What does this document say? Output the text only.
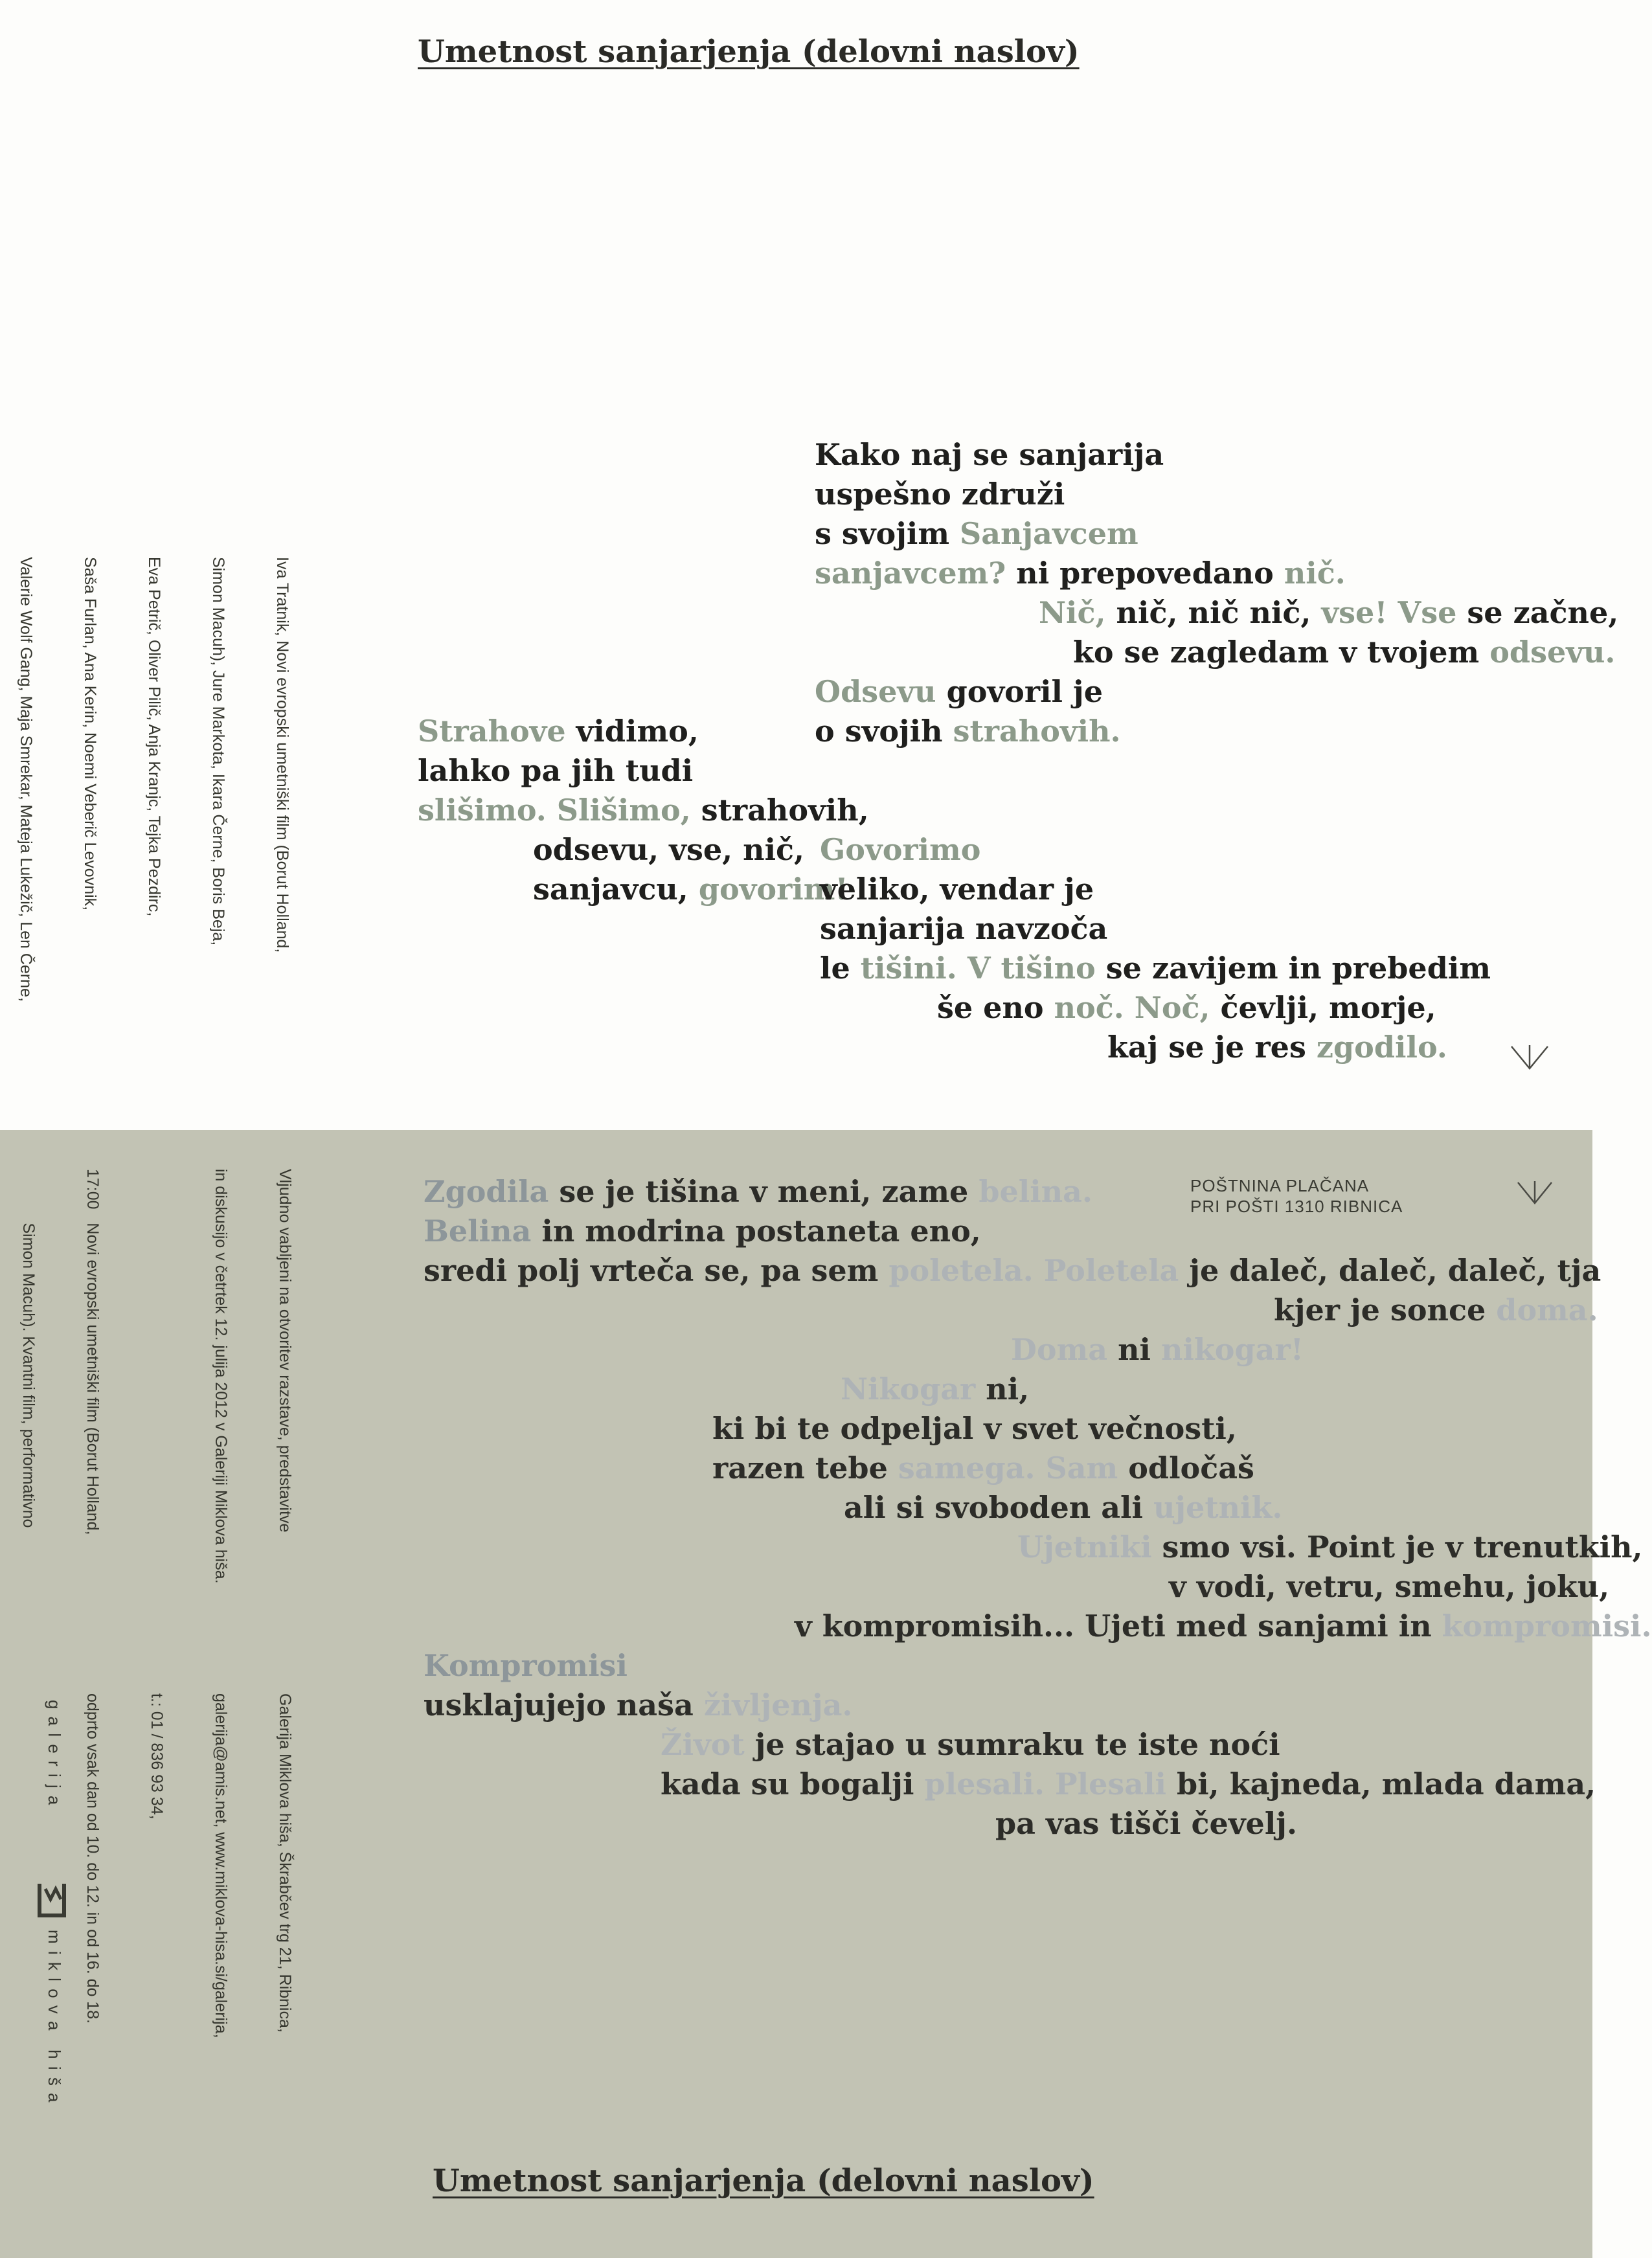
Umetnost sanjarjenja (delovni naslov)
Kako naj se sanjarija
uspešno združi
s svojim Sanjavcem
sanjavcem? ni prepovedano nič.
Nič, nič, nič nič, vse! Vse se začne,
ko se zagledam v tvojem odsevu.
Odsevu govoril je
o svojih strahovih.
Strahove vidimo,
lahko pa jih tudi
slišimo. Slišimo, strahovih,
odsevu, vse, nič,
sanjavcu, govorim!
Govorimo
veliko, vendar je
sanjarija navzoča
le tišini. V tišino se zavijem in prebedim
še eno noč. Noč, čevlji, morje,
kaj se je res zgodilo.

Iva Tratnik, Novi evropski umetniški film (Borut Holland,

Simon Macuh), Jure Markota, Ikara Černe, Boris Beja,

Eva Petrič, Oliver Pilič, Anja Kranjc, Tejka Pezdirc,

Saša Furlan, Ana Kerin, Noemi Veberič Levovnik,

Valerie Wolf Gang, Maja Smrekar, Mateja Lukežič, Len Černe,

POŠTNINA PLAČANA
PRI POŠTI 1310 RIBNICA
Zgodila se je tišina v meni, zame belina.
Belina in modrina postaneta eno,
sredi polj vrteča se, pa sem poletela. Poletela je daleč, daleč, daleč, tja
kjer je sonce doma.
Doma ni nikogar!
Nikogar ni,
ki bi te odpeljal v svet večnosti,
razen tebe samega. Sam odločaš
ali si svoboden ali ujetnik.
Ujetniki smo vsi. Point je v trenutkih,
v vodi, vetru, smehu, joku,
v kompromisih... Ujeti med sanjami in kompromisi.
Kompromisi
usklajujejo naša življenja.
Život je stajao u sumraku te iste noći
kada su bogalji plesali. Plesali bi, kajnedа, mlada dama,
pa vas tišči čevelj.
Umetnost sanjarjenja (delovni naslov)

Vljudno vabljeni na otvoritev razstave, predstavitve

in diskusijo v četrtek 12. julija 2012 v Galeriji Miklova hiša.

17:00   Novi evropski umetniški film (Borut Holland,

Simon Macuh). Kvantni film, performativno

Galerija Miklova hiša, Škrabčev trg 21, Ribnica,

galerija@amis.net, www.miklova-hisa.si/galerija,

t.: 01 / 836 93 34,

odprto vsak dan od 10. do 12. in od 16. do 18.

g a l e r i j a
m i k l o v a   h i š a
